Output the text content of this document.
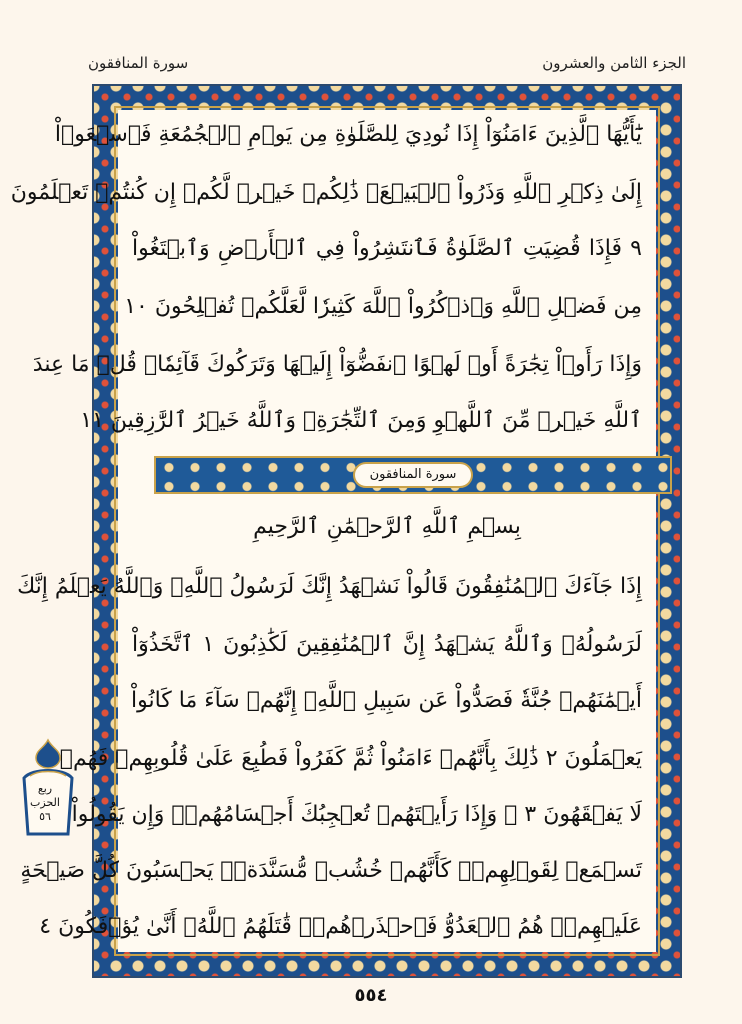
الجزء الثامن والعشرون
سورة المنافقون
يَٰٓأَيُّهَا ٱلَّذِينَ ءَامَنُوٓاْ إِذَا نُودِيَ لِلصَّلَوٰةِ مِن يَوۡمِ ٱلۡجُمُعَةِ فَٱسۡعَوۡاْ
إِلَىٰ ذِكۡرِ ٱللَّهِ وَذَرُواْ ٱلۡبَيۡعَۚ ذَٰلِكُمۡ خَيۡرٞ لَّكُمۡ إِن كُنتُمۡ تَعۡلَمُونَ
٩ فَإِذَا قُضِيَتِ ٱلصَّلَوٰةُ فَٱنتَشِرُواْ فِي ٱلۡأَرۡضِ وَٱبۡتَغُواْ
مِن فَضۡلِ ٱللَّهِ وَٱذۡكُرُواْ ٱللَّهَ كَثِيرٗا لَّعَلَّكُمۡ تُفۡلِحُونَ ١٠
وَإِذَا رَأَوۡاْ تِجَٰرَةً أَوۡ لَهۡوًا ٱنفَضُّوٓاْ إِلَيۡهَا وَتَرَكُوكَ قَآئِمٗاۚ قُلۡ مَا عِندَ
ٱللَّهِ خَيۡرٞ مِّنَ ٱللَّهۡوِ وَمِنَ ٱلتِّجَٰرَةِۚ وَٱللَّهُ خَيۡرُ ٱلرَّٰزِقِينَ ١١
سورة المنافقون
بِسۡمِ ٱللَّهِ ٱلرَّحۡمَٰنِ ٱلرَّحِيمِ
إِذَا جَآءَكَ ٱلۡمُنَٰفِقُونَ قَالُواْ نَشۡهَدُ إِنَّكَ لَرَسُولُ ٱللَّهِۗ وَٱللَّهُ يَعۡلَمُ إِنَّكَ
لَرَسُولُهُۥ وَٱللَّهُ يَشۡهَدُ إِنَّ ٱلۡمُنَٰفِقِينَ لَكَٰذِبُونَ ١ ٱتَّخَذُوٓاْ
أَيۡمَٰنَهُمۡ جُنَّةٗ فَصَدُّواْ عَن سَبِيلِ ٱللَّهِۚ إِنَّهُمۡ سَآءَ مَا كَانُواْ
يَعۡمَلُونَ ٢ ذَٰلِكَ بِأَنَّهُمۡ ءَامَنُواْ ثُمَّ كَفَرُواْ فَطُبِعَ عَلَىٰ قُلُوبِهِمۡ فَهُمۡ
لَا يَفۡقَهُونَ ٣ ۞ وَإِذَا رَأَيۡتَهُمۡ تُعۡجِبُكَ أَجۡسَامُهُمۡۖ وَإِن يَقُولُواْ
تَسۡمَعۡ لِقَوۡلِهِمۡۖ كَأَنَّهُمۡ خُشُبٞ مُّسَنَّدَةٞۖ يَحۡسَبُونَ كُلَّ صَيۡحَةٍ
عَلَيۡهِمۡۚ هُمُ ٱلۡعَدُوُّ فَٱحۡذَرۡهُمۡۚ قَٰتَلَهُمُ ٱللَّهُۖ أَنَّىٰ يُؤۡفَكُونَ ٤
ربع
الحزب
٥٦
٥٥٤
